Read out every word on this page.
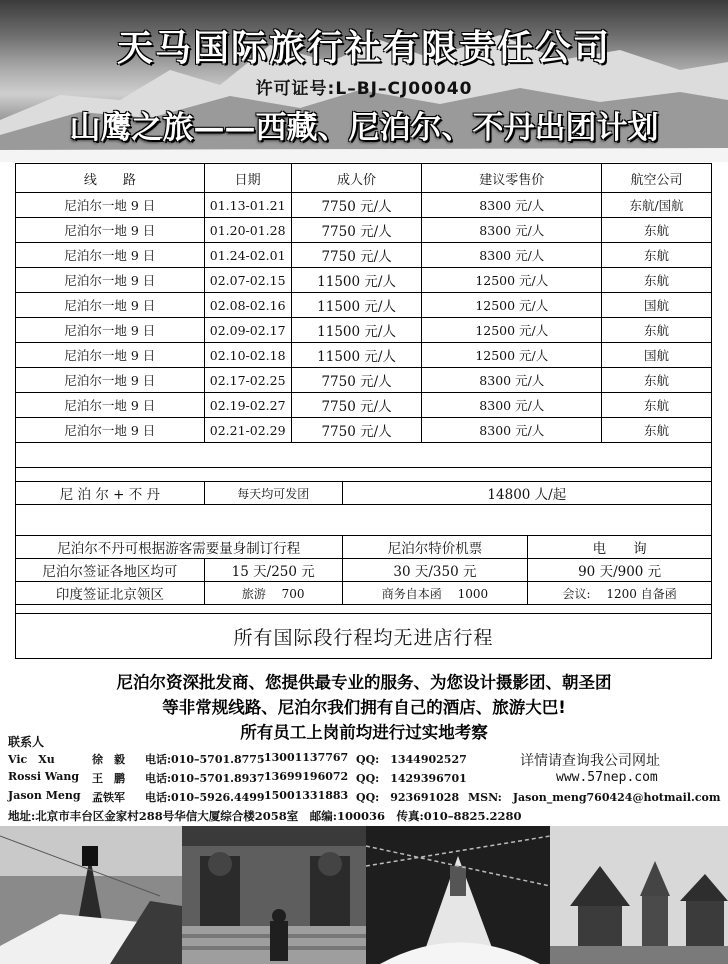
天马国际旅行社有限责任公司
许可证号:L–BJ–CJ00040
山鹰之旅——西藏、尼泊尔、不丹出团计划
线　　路	日期	成人价	建议零售价	航空公司
尼泊尔一地 9 日	01.13-01.21	7750 元/人	8300 元/人	东航/国航
尼泊尔一地 9 日	01.20-01.28	7750 元/人	8300 元/人	东航
尼泊尔一地 9 日	01.24-02.01	7750 元/人	8300 元/人	东航
尼泊尔一地 9 日	02.07-02.15	11500 元/人	12500 元/人	东航
尼泊尔一地 9 日	02.08-02.16	11500 元/人	12500 元/人	国航
尼泊尔一地 9 日	02.09-02.17	11500 元/人	12500 元/人	东航
尼泊尔一地 9 日	02.10-02.18	11500 元/人	12500 元/人	国航
尼泊尔一地 9 日	02.17-02.25	7750 元/人	8300 元/人	东航
尼泊尔一地 9 日	02.19-02.27	7750 元/人	8300 元/人	东航
尼泊尔一地 9 日	02.21-02.29	7750 元/人	8300 元/人	东航

尼 泊 尔 + 不 丹	每天均可发团	14800 人/起
尼泊尔不丹可根据游客需要量身制订行程		尼泊尔特价机票	电　　询
尼泊尔签证各地区均可	15 天/250 元	30 天/350 元	90 天/900 元
印度签证北京领区	旅游　 700	商务自本函　 1000	会议:　 1200 自备函
所有国际段行程均无进店行程
尼泊尔资深批发商、您提供最专业的服务、为您设计摄影团、朝圣团
等非常规线路、尼泊尔我们拥有自己的酒店、旅游大巴!
所有员工上岗前均进行过实地考察
联系人
Vic　Xu	徐　毅 电话:010–5701.8775 13001137767 QQ:　1344902527
Rossi Wang 王　鹏 电话:010–5701.8937 13699196072 QQ:　1429396701
Jason Meng 孟铁军 电话:010–5926.4499 15001331883 QQ:　923691028 MSN:　Jason_meng760424@hotmail.com
详情请查询我公司网址
www.57nep.com
地址:北京市丰台区金家村288号华信大厦综合楼2058室　邮编:100036　传真:010–8825.2280
